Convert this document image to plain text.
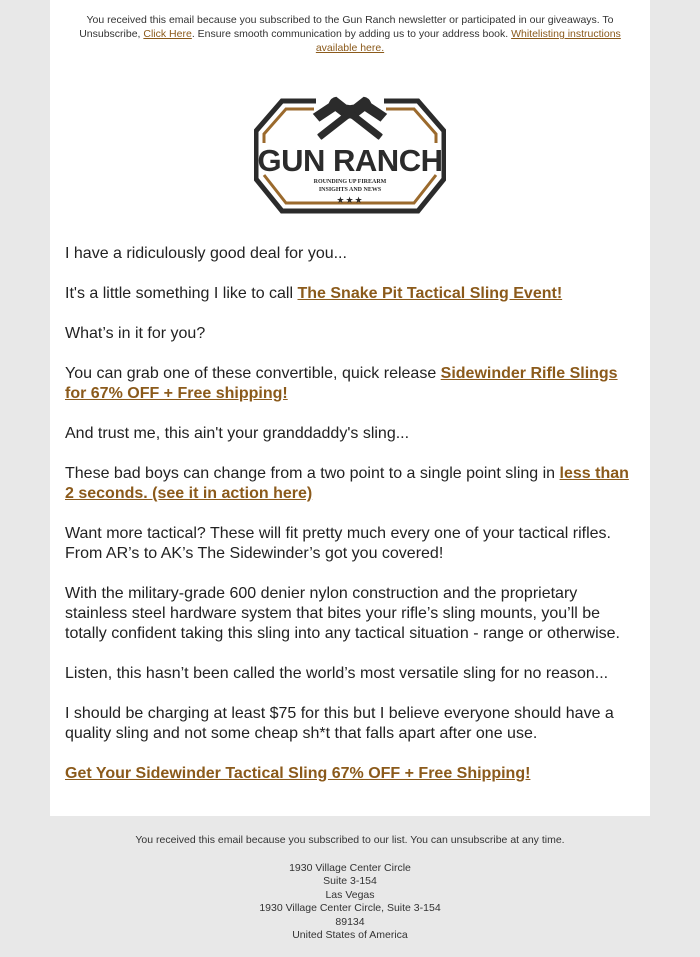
You received this email because you subscribed to the Gun Ranch newsletter or participated in our giveaways. To Unsubscribe, Click Here. Ensure smooth communication by adding us to your address book. Whitelisting instructions available here.
GUN RANCH
ROUNDING UP FIREARM
INSIGHTS AND NEWS
★★★

I have a ridiculously good deal for you...

It's a little something I like to call The Snake Pit Tactical Sling Event!

What’s in it for you?

You can grab one of these convertible, quick release Sidewinder Rifle Slings for 67% OFF + Free shipping!

And trust me, this ain't your granddaddy's sling...

These bad boys can change from a two point to a single point sling in less than 2 seconds. (see it in action here)

Want more tactical? These will fit pretty much every one of your tactical rifles. From AR’s to AK’s The Sidewinder’s got you covered!

With the military-grade 600 denier nylon construction and the proprietary stainless steel hardware system that bites your rifle’s sling mounts, you’ll be totally confident taking this sling into any tactical situation - range or otherwise.

Listen, this hasn’t been called the world’s most versatile sling for no reason...

I should be charging at least $75 for this but I believe everyone should have a quality sling and not some cheap sh*t that falls apart after one use.

Get Your Sidewinder Tactical Sling 67% OFF + Free Shipping!

You received this email because you subscribed to our list. You can unsubscribe at any time.
1930 Village Center Circle
Suite 3-154
Las Vegas
1930 Village Center Circle, Suite 3-154
89134
United States of America
